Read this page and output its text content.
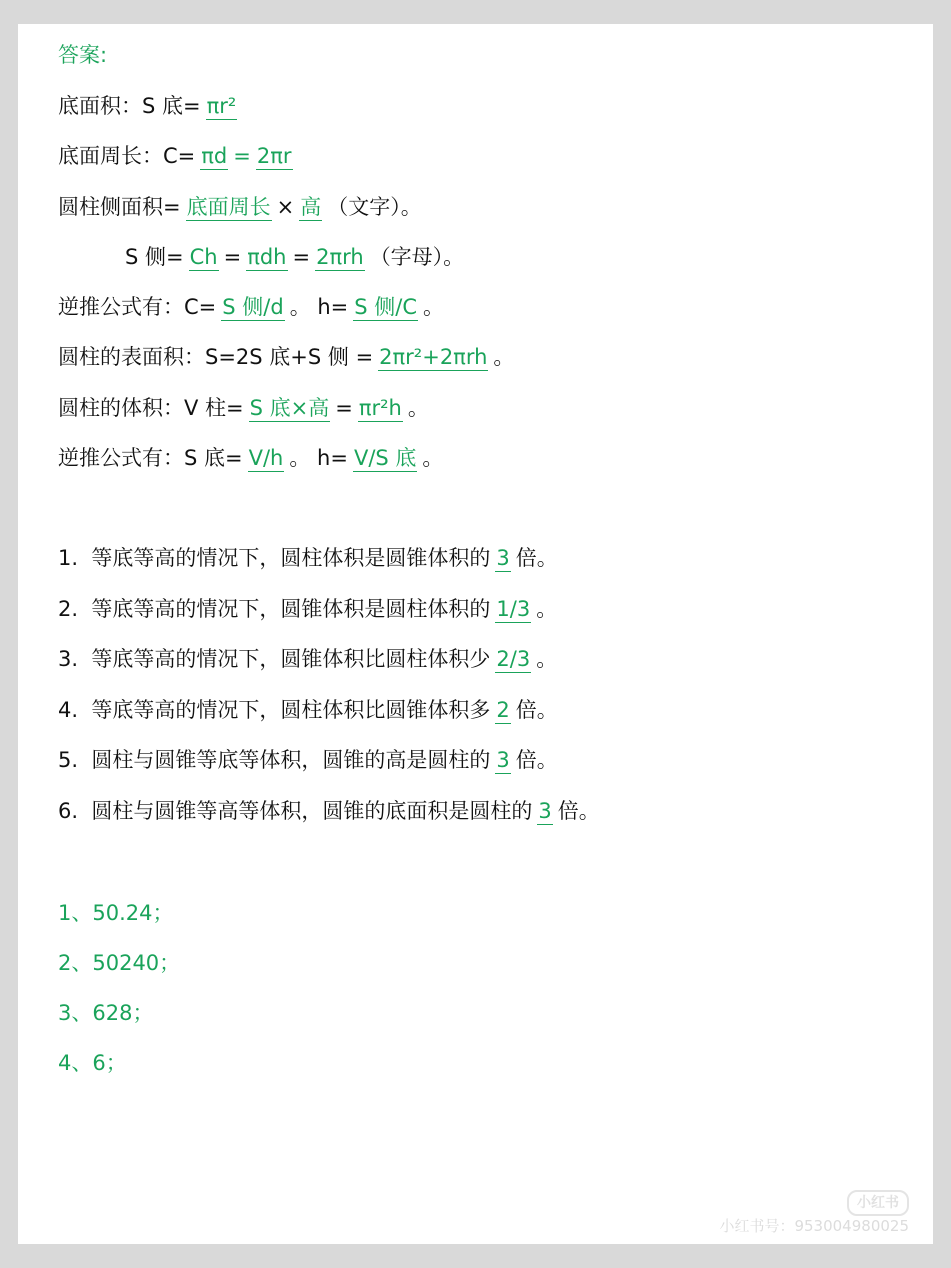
答案:
底面积：S 底= πr²
底面周长：C= πd = 2πr
圆柱侧面积= 底面周长 × 高 （文字）。
S 侧= Ch = πdh = 2πrh （字母）。
逆推公式有：C= S 侧/d 。 h= S 侧/C 。
圆柱的表面积：S=2S 底+S 侧 = 2πr²+2πrh 。
圆柱的体积：V 柱= S 底×高 = πr²h 。
逆推公式有：S 底= V/h 。 h= V/S 底 。
1. 等底等高的情况下，圆柱体积是圆锥体积的 3 倍。
2. 等底等高的情况下，圆锥体积是圆柱体积的 1/3 。
3. 等底等高的情况下，圆锥体积比圆柱体积少 2/3 。
4. 等底等高的情况下，圆柱体积比圆锥体积多 2 倍。
5. 圆柱与圆锥等底等体积，圆锥的高是圆柱的 3 倍。
6. 圆柱与圆锥等高等体积，圆锥的底面积是圆柱的 3 倍。
1、50.24；
2、50240；
3、628；
4、6；
小红书
小红书号：953004980025
